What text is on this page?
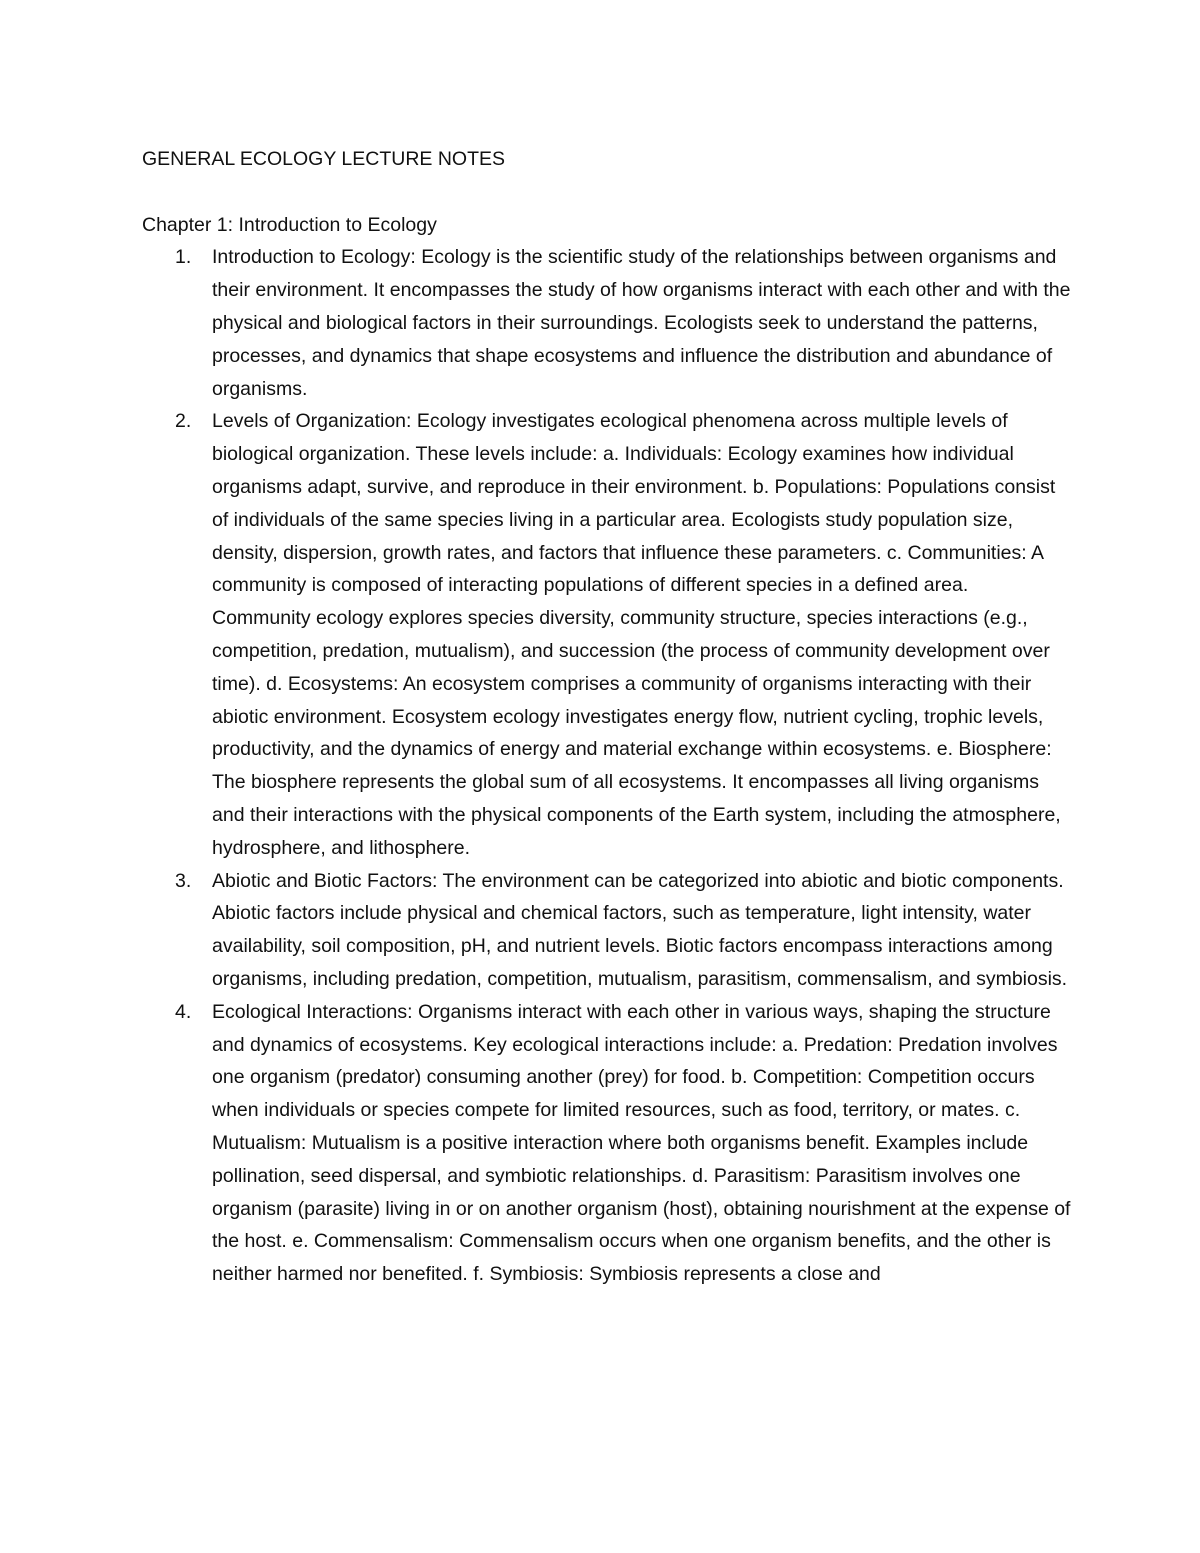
GENERAL ECOLOGY LECTURE NOTES
Chapter 1: Introduction to Ecology
1. Introduction to Ecology: Ecology is the scientific study of the relationships between organisms and their environment. It encompasses the study of how organisms interact with each other and with the physical and biological factors in their surroundings. Ecologists seek to understand the patterns, processes, and dynamics that shape ecosystems and influence the distribution and abundance of organisms.
2. Levels of Organization: Ecology investigates ecological phenomena across multiple levels of biological organization. These levels include: a. Individuals: Ecology examines how individual organisms adapt, survive, and reproduce in their environment. b. Populations: Populations consist of individuals of the same species living in a particular area. Ecologists study population size, density, dispersion, growth rates, and factors that influence these parameters. c. Communities: A community is composed of interacting populations of different species in a defined area. Community ecology explores species diversity, community structure, species interactions (e.g., competition, predation, mutualism), and succession (the process of community development over time). d. Ecosystems: An ecosystem comprises a community of organisms interacting with their abiotic environment. Ecosystem ecology investigates energy flow, nutrient cycling, trophic levels, productivity, and the dynamics of energy and material exchange within ecosystems. e. Biosphere: The biosphere represents the global sum of all ecosystems. It encompasses all living organisms and their interactions with the physical components of the Earth system, including the atmosphere, hydrosphere, and lithosphere.
3. Abiotic and Biotic Factors: The environment can be categorized into abiotic and biotic components. Abiotic factors include physical and chemical factors, such as temperature, light intensity, water availability, soil composition, pH, and nutrient levels. Biotic factors encompass interactions among organisms, including predation, competition, mutualism, parasitism, commensalism, and symbiosis.
4. Ecological Interactions: Organisms interact with each other in various ways, shaping the structure and dynamics of ecosystems. Key ecological interactions include: a. Predation: Predation involves one organism (predator) consuming another (prey) for food. b. Competition: Competition occurs when individuals or species compete for limited resources, such as food, territory, or mates. c. Mutualism: Mutualism is a positive interaction where both organisms benefit. Examples include pollination, seed dispersal, and symbiotic relationships. d. Parasitism: Parasitism involves one organism (parasite) living in or on another organism (host), obtaining nourishment at the expense of the host. e. Commensalism: Commensalism occurs when one organism benefits, and the other is neither harmed nor benefited. f. Symbiosis: Symbiosis represents a close and
